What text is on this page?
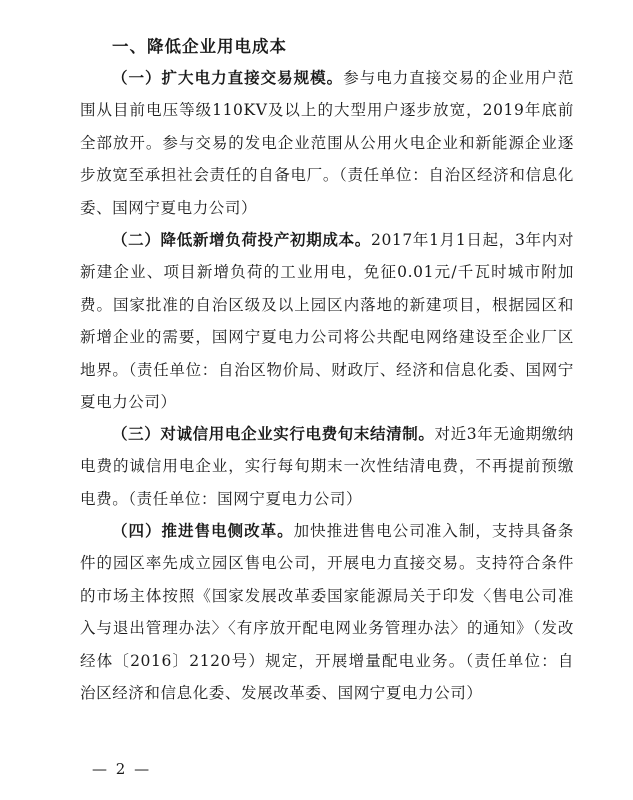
一、降低企业用电成本
（一）扩大电力直接交易规模。参与电力直接交易的企业用户范围从目前电压等级110KV及以上的大型用户逐步放宽，2019年底前全部放开。参与交易的发电企业范围从公用火电企业和新能源企业逐步放宽至承担社会责任的自备电厂。（责任单位：自治区经济和信息化委、国网宁夏电力公司）
（二）降低新增负荷投产初期成本。2017年1月1日起，3年内对新建企业、项目新增负荷的工业用电，免征0.01元/千瓦时城市附加费。国家批准的自治区级及以上园区内落地的新建项目，根据园区和新增企业的需要，国网宁夏电力公司将公共配电网络建设至企业厂区地界。（责任单位：自治区物价局、财政厅、经济和信息化委、国网宁夏电力公司）
（三）对诚信用电企业实行电费旬末结清制。对近3年无逾期缴纳电费的诚信用电企业，实行每旬期末一次性结清电费，不再提前预缴电费。（责任单位：国网宁夏电力公司）
（四）推进售电侧改革。加快推进售电公司准入制，支持具备条件的园区率先成立园区售电公司，开展电力直接交易。支持符合条件的市场主体按照《国家发展改革委国家能源局关于印发〈售电公司准入与退出管理办法〉〈有序放开配电网业务管理办法〉的通知》（发改经体〔2016〕2120号）规定，开展增量配电业务。（责任单位：自治区经济和信息化委、发展改革委、国网宁夏电力公司）
— 2 —
